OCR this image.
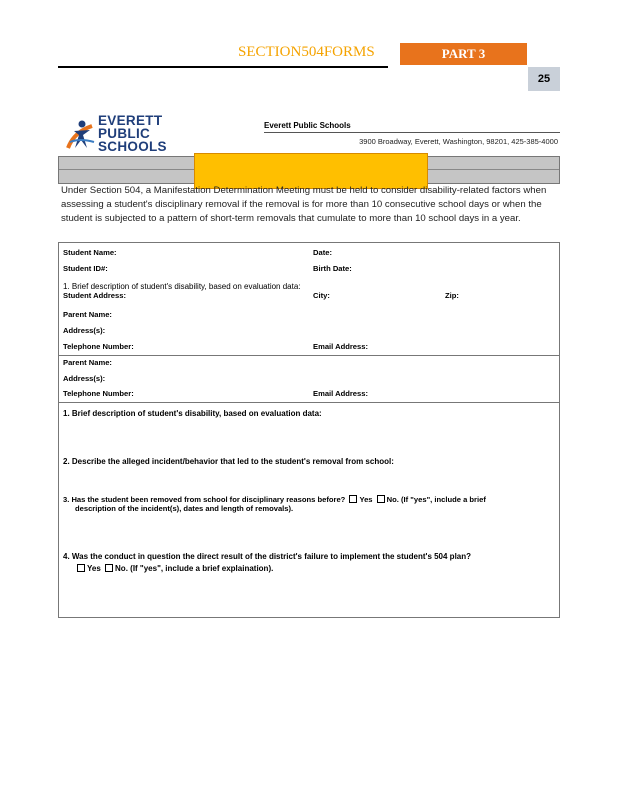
SECTION504FORMS	PART 3
25
EVERETT
PUBLIC
SCHOOLS
Everett Public Schools
3900 Broadway, Everett, Washington, 98201, 425-385-4000
Under Section 504, a Manifestation Determination Meeting must be held to consider disability-related factors when assessing a student's disciplinary removal if the removal is for more than 10 consecutive school days or when the student is subjected to a pattern of short-term removals that cumulate to more than 10 school days in a year.
Student Name:	Date:
Student ID#:	Birth Date:
1. Brief description of student's disability, based on evaluation data:
Student Address:	City:	Zip:
Parent Name:
Address(s):
Telephone Number:	Email Address:
Parent Name:
Address(s):
Telephone Number:	Email Address:
1. Brief description of student's disability, based on evaluation data:
2. Describe the alleged incident/behavior that led to the student's removal from school:
3. Has the student been removed from school for disciplinary reasons before? Yes No. (If "yes", include a brief
description of the incident(s), dates and length of removals).
4. Was the conduct in question the direct result of the district's failure to implement the student's 504 plan?
Yes No. (If "yes", include a brief explaination).
